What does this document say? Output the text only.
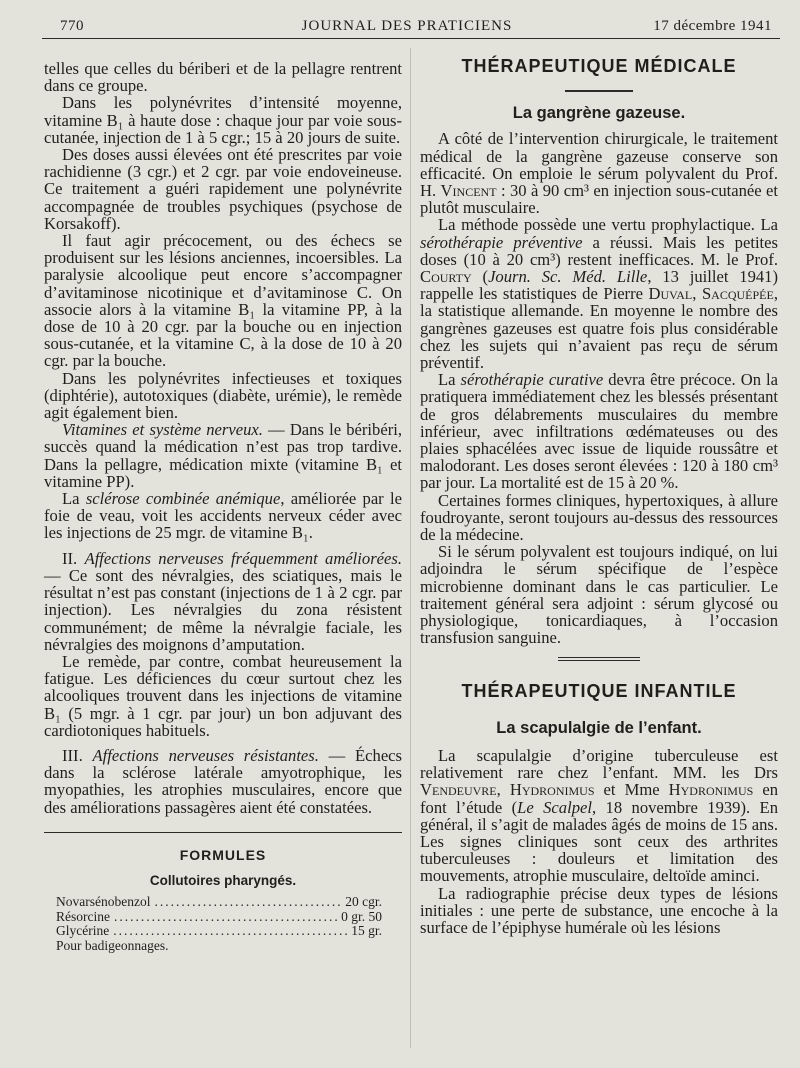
770	JOURNAL DES PRATICIENS	17 décembre 1941

telles que celles du bériberi et de la pellagre rentrent dans ce groupe.

Dans les polynévrites d’intensité moyenne, vitamine B₁ à haute dose : chaque jour par voie sous-cutanée, injection de 1 à 5 cgr.; 15 à 20 jours de suite.

Des doses aussi élevées ont été prescrites par voie rachidienne (3 cgr.) et 2 cgr. par voie endoveineuse. Ce traitement a guéri rapidement une polynévrite accompagnée de troubles psychiques (psychose de Korsakoff).

Il faut agir précocement, ou des échecs se produisent sur les lésions anciennes, incoersibles. La paralysie alcoolique peut encore s’accompagner d’avitaminose nicotinique et d’avitaminose C. On associe alors à la vitamine B₁ la vitamine PP, à la dose de 10 à 20 cgr. par la bouche ou en injection sous-cutanée, et la vitamine C, à la dose de 10 à 20 cgr. par la bouche.

Dans les polynévrites infectieuses et toxiques (diphtérie), autotoxiques (diabète, urémie), le remède agit également bien.

Vitamines et système nerveux. — Dans le béribéri, succès quand la médication n’est pas trop tardive. Dans la pellagre, médication mixte (vitamine B₁ et vitamine PP).

La sclérose combinée anémique, améliorée par le foie de veau, voit les accidents nerveux céder avec les injections de 25 mgr. de vitamine B₁.

II. Affections nerveuses fréquemment améliorées. — Ce sont des névralgies, des sciatiques, mais le résultat n’est pas constant (injections de 1 à 2 cgr. par injection). Les névralgies du zona résistent communément; de même la névralgie faciale, les névralgies des moignons d’amputation.

Le remède, par contre, combat heureusement la fatigue. Les déficiences du cœur surtout chez les alcooliques trouvent dans les injections de vitamine B₁ (5 mgr. à 1 cgr. par jour) un bon adjuvant des cardiotoniques habituels.

III. Affections nerveuses résistantes. — Échecs dans la sclérose latérale amyotrophique, les myopathies, les atrophies musculaires, encore que des améliorations passagères aient été constatées.

FORMULES
Collutoires pharyngés.
Novarsénobenzol .....	20 cgr.
Résorcine .....	0 gr. 50
Glycérine .....	15 gr.
Pour badigeonnages.
THÉRAPEUTIQUE MÉDICALE
La gangrène gazeuse.

A côté de l’intervention chirurgicale, le traitement médical de la gangrène gazeuse conserve son efficacité. On emploie le sérum polyvalent du Prof. H. Vincent : 30 à 90 cm³ en injection sous-cutanée et plutôt musculaire.

La méthode possède une vertu prophylactique. La sérothérapie préventive a réussi. Mais les petites doses (10 à 20 cm³) restent inefficaces. M. le Prof. Courty (Journ. Sc. Méd. Lille, 13 juillet 1941) rappelle les statistiques de Pierre Duval, Sacquépée, la statistique allemande. En moyenne le nombre des gangrènes gazeuses est quatre fois plus considérable chez les sujets qui n’avaient pas reçu de sérum préventif.

La sérothérapie curative devra être précoce. On la pratiquera immédiatement chez les blessés présentant de gros délabrements musculaires du membre inférieur, avec infiltrations œdémateuses ou des plaies sphacélées avec issue de liquide roussâtre et malodorant. Les doses seront élevées : 120 à 180 cm³ par jour. La mortalité est de 15 à 20 %.

Certaines formes cliniques, hypertoxiques, à allure foudroyante, seront toujours au-dessus des ressources de la médecine.

Si le sérum polyvalent est toujours indiqué, on lui adjoindra le sérum spécifique de l’espèce microbienne dominant dans le cas particulier. Le traitement général sera adjoint : sérum glycosé ou physiologique, tonicardiaques, à l’occasion transfusion sanguine.

THÉRAPEUTIQUE INFANTILE
La scapulalgie de l’enfant.

La scapulalgie d’origine tuberculeuse est relativement rare chez l’enfant. MM. les Drs Vendeuvre, Hydronimus et Mme Hydronimus en font l’étude (Le Scalpel, 18 novembre 1939). En général, il s’agit de malades âgés de moins de 15 ans. Les signes cliniques sont ceux des arthrites tuberculeuses : douleurs et limitation des mouvements, atrophie musculaire, deltoïde aminci.

La radiographie précise deux types de lésions initiales : une perte de substance, une encoche à la surface de l’épiphyse humérale où les lésions
